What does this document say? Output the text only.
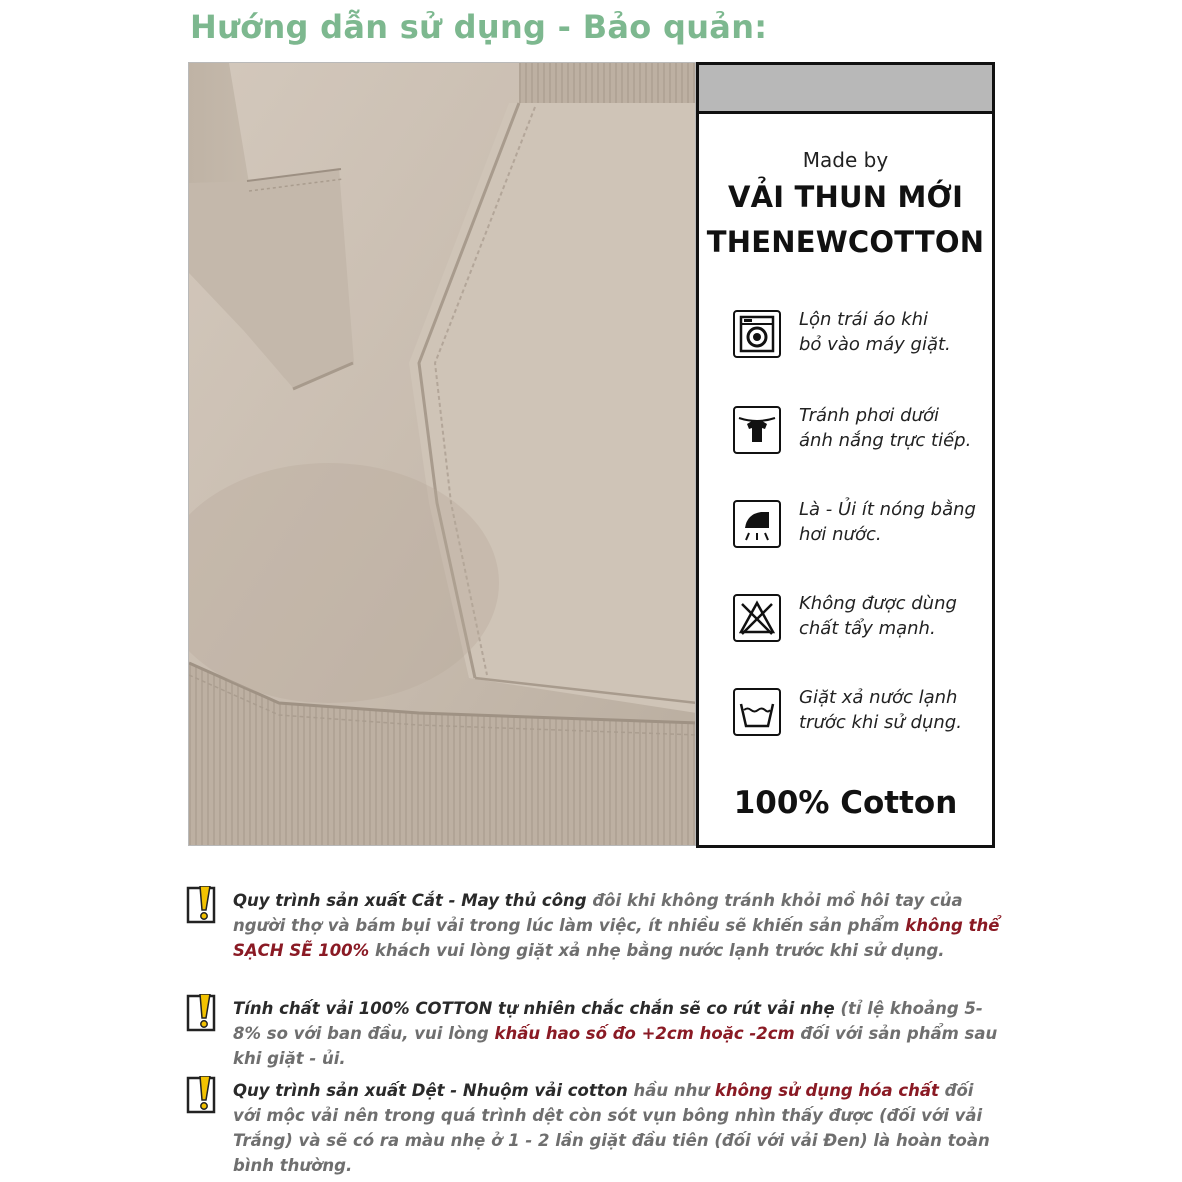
Hướng dẫn sử dụng - Bảo quản:
Made by
VẢI THUN MỚI
THENEWCOTTON
Lộn trái áo khi
bỏ vào máy giặt.
Tránh phơi dưới
ánh nắng trực tiếp.
Là - Ủi ít nóng bằng
hơi nước.
Không được dùng
chất tẩy mạnh.
Giặt xả nước lạnh
trước khi sử dụng.
100% Cotton
Quy trình sản xuất Cắt - May thủ công đôi khi không tránh khỏi mồ hôi tay của người thợ và bám bụi vải trong lúc làm việc, ít nhiều sẽ khiến sản phẩm không thể SẠCH SẼ 100% khách vui lòng giặt xả nhẹ bằng nước lạnh trước khi sử dụng.
Tính chất vải 100% COTTON tự nhiên chắc chắn sẽ co rút vải nhẹ (tỉ lệ khoảng 5-8% so với ban đầu, vui lòng khấu hao số đo +2cm hoặc -2cm đối với sản phẩm sau khi giặt - ủi.
Quy trình sản xuất Dệt - Nhuộm vải cotton hầu như không sử dụng hóa chất đối với mộc vải nên trong quá trình dệt còn sót vụn bông nhìn thấy được (đối với vải Trắng) và sẽ có ra màu nhẹ ở 1 - 2 lần giặt đầu tiên (đối với vải Đen) là hoàn toàn bình thường.
